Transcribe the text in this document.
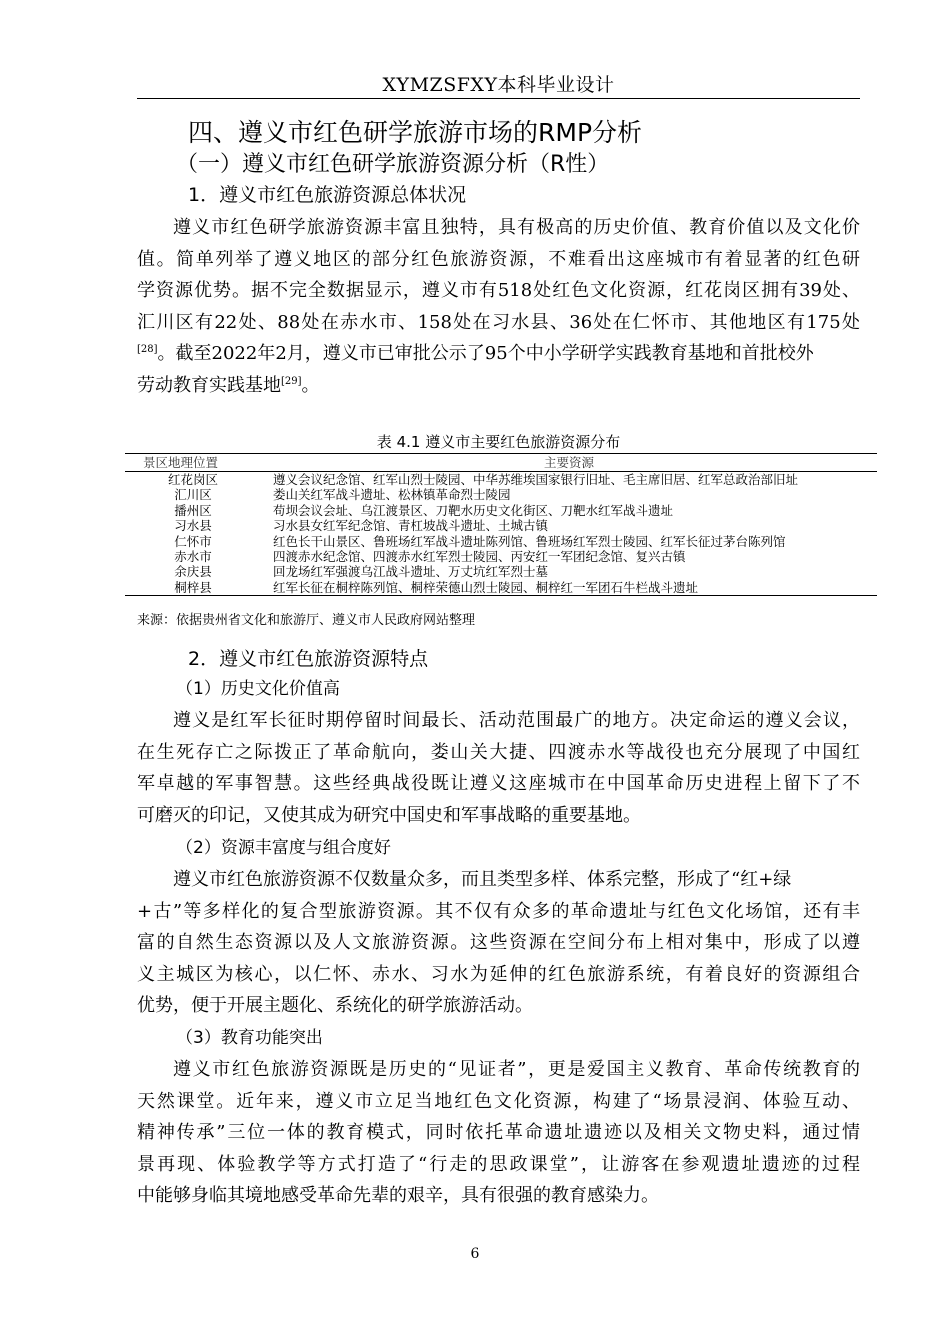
XYMZSFXY本科毕业设计
四、遵义市红色研学旅游市场的RMP分析
（一）遵义市红色研学旅游资源分析（R性）
1．遵义市红色旅游资源总体状况
遵义市红色研学旅游资源丰富且独特，具有极高的历史价值、教育价值以及文化价
值。简单列举了遵义地区的部分红色旅游资源，不难看出这座城市有着显著的红色研
学资源优势。据不完全数据显示，遵义市有518处红色文化资源，红花岗区拥有39处、
汇川区有22处、88处在赤水市、158处在习水县、36处在仁怀市、其他地区有175处
[28]。截至2022年2月，遵义市已审批公示了95个中小学研学实践教育基地和首批校外
劳动教育实践基地[29]。
表 4.1 遵义市主要红色旅游资源分布
景区地理位置	主要资源
红花岗区	遵义会议纪念馆、红军山烈士陵园、中华苏维埃国家银行旧址、毛主席旧居、红军总政治部旧址
汇川区	娄山关红军战斗遗址、松林镇革命烈士陵园
播州区	苟坝会议会址、乌江渡景区、刀靶水历史文化街区、刀靶水红军战斗遗址
习水县	习水县女红军纪念馆、青杠坡战斗遗址、土城古镇
仁怀市	红色长干山景区、鲁班场红军战斗遗址陈列馆、鲁班场红军烈士陵园、红军长征过茅台陈列馆
赤水市	四渡赤水纪念馆、四渡赤水红军烈士陵园、丙安红一军团纪念馆、复兴古镇
余庆县	回龙场红军强渡乌江战斗遗址、万丈坑红军烈士墓
桐梓县	红军长征在桐梓陈列馆、桐梓荣德山烈士陵园、桐梓红一军团石牛栏战斗遗址
来源：依据贵州省文化和旅游厅、遵义市人民政府网站整理
2．遵义市红色旅游资源特点
（1）历史文化价值高
遵义是红军长征时期停留时间最长、活动范围最广的地方。决定命运的遵义会议，
在生死存亡之际拨正了革命航向，娄山关大捷、四渡赤水等战役也充分展现了中国红
军卓越的军事智慧。这些经典战役既让遵义这座城市在中国革命历史进程上留下了不
可磨灭的印记，又使其成为研究中国史和军事战略的重要基地。
（2）资源丰富度与组合度好
遵义市红色旅游资源不仅数量众多，而且类型多样、体系完整，形成了“红+绿
+古”等多样化的复合型旅游资源。其不仅有众多的革命遗址与红色文化场馆，还有丰
富的自然生态资源以及人文旅游资源。这些资源在空间分布上相对集中，形成了以遵
义主城区为核心，以仁怀、赤水、习水为延伸的红色旅游系统，有着良好的资源组合
优势，便于开展主题化、系统化的研学旅游活动。
（3）教育功能突出
遵义市红色旅游资源既是历史的“见证者”，更是爱国主义教育、革命传统教育的
天然课堂。近年来，遵义市立足当地红色文化资源，构建了“场景浸润、体验互动、
精神传承”三位一体的教育模式，同时依托革命遗址遗迹以及相关文物史料，通过情
景再现、体验教学等方式打造了“行走的思政课堂”，让游客在参观遗址遗迹的过程
中能够身临其境地感受革命先辈的艰辛，具有很强的教育感染力。
6
